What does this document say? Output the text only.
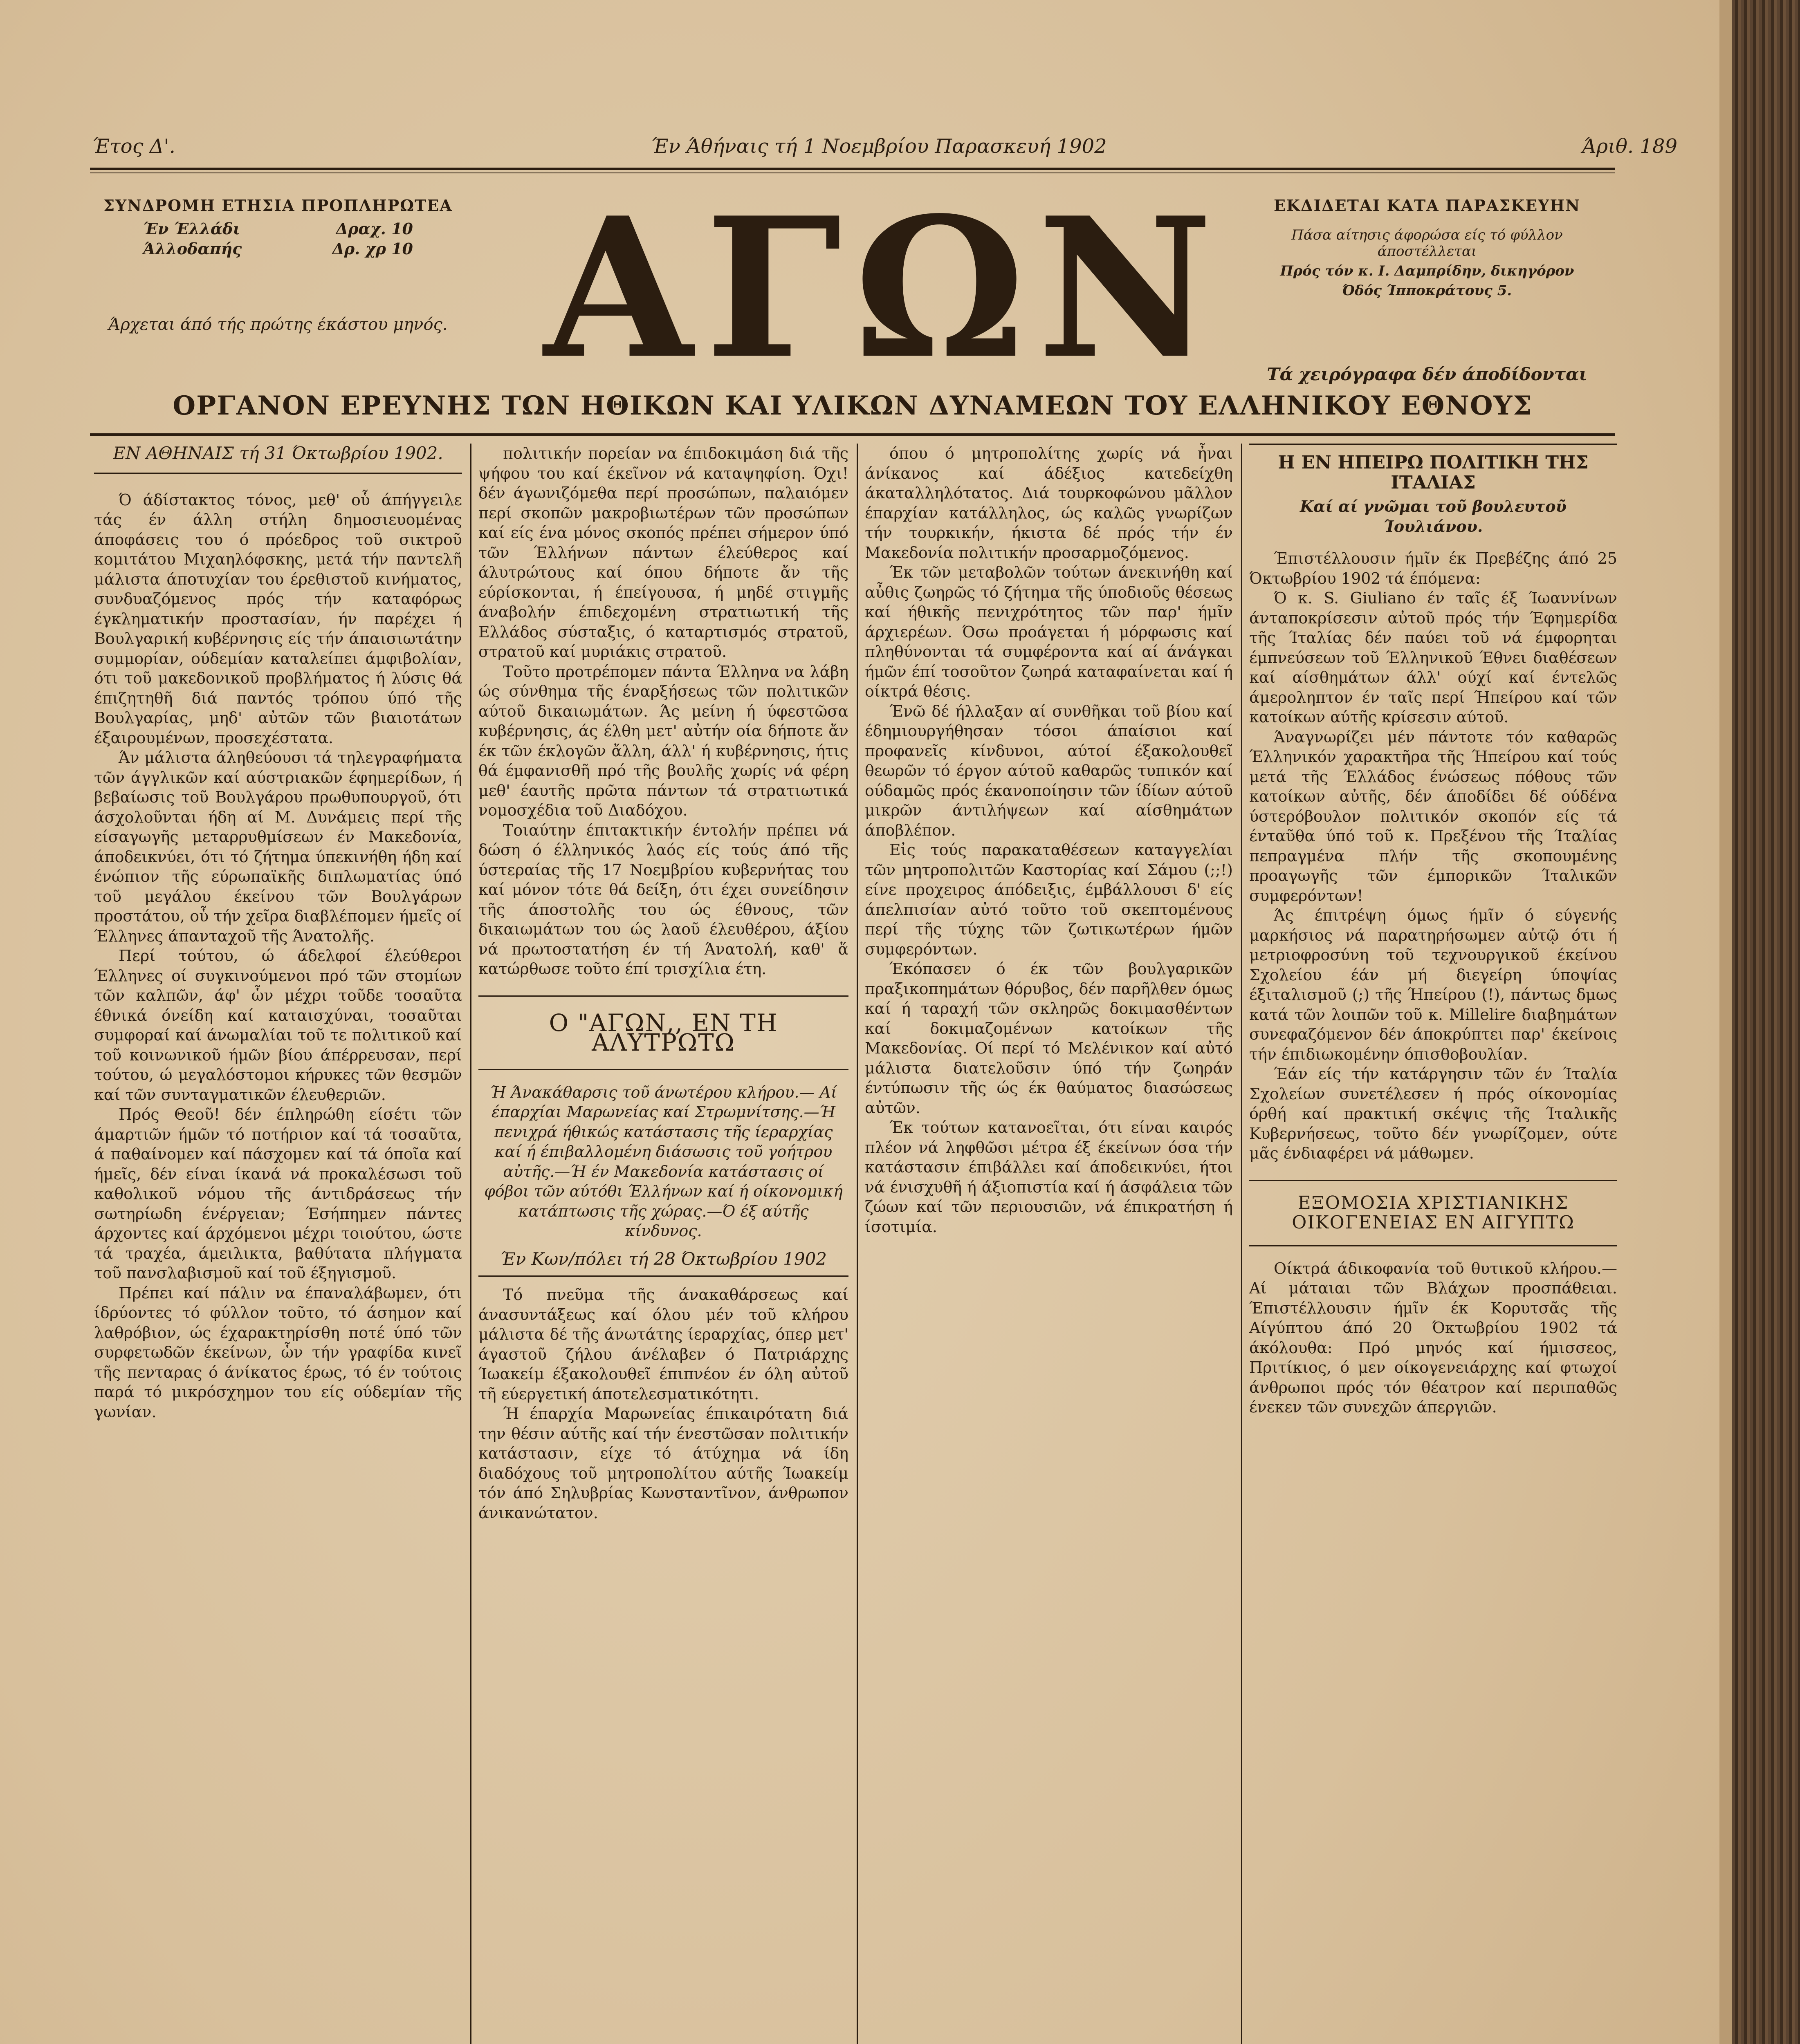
Έτος Δ'.	Έν Άθήναις τή 1 Νοεμβρίου Παρασκευή 1902	Άριθ. 189
ΣΥΝΔΡΟΜΗ ΕΤΗΣΙΑ ΠΡΟΠΛΗΡΩΤΕΑ
Έν Έλλάδι	Δραχ. 10
Άλλοδαπής	Δρ. χρ 10
Άρχεται άπό τής πρώτης έκάστου μηνός. ΑΓΩΝ	ΕΚΔΙΔΕΤΑΙ ΚΑΤΑ ΠΑΡΑΣΚΕΥΗΝ
Πάσα αίτησις άφορώσα είς τό φύλλον άποστέλλεται
Πρός τόν κ. Ι. Δαμπρίδην, δικηγόρον
Όδός Ίπποκράτους 5.
Τά χειρόγραφα δέν άποδίδονται
ΟΡΓΑΝΟΝ ΕΡΕΥΝΗΣ ΤΩΝ ΗΘΙΚΩΝ ΚΑΙ ΥΛΙΚΩΝ ΔΥΝΑΜΕΩΝ ΤΟΥ ΕΛΛΗΝΙΚΟΥ ΕΘΝΟΥΣ
ΕΝ ΑΘΗΝΑΙΣ τή 31 Όκτωβρίου 1902.

Ό άδίστακτος τόνος, μεθ' οὗ άπήγγειλε τάς έν άλλη στήλη δημοσιευομένας άποφάσεις του ό πρόεδρος τοῦ σικτροῦ κομιτάτου Μιχαηλόφσκης, μετά τήν παντελῆ μάλιστα άποτυχίαν του έρεθιστοῦ κινήματος, συνδυαζόμενος πρός τήν καταφόρως έγκληματικήν προστασίαν, ήν παρέχει ή Βουλγαρική κυβέρνησις είς τήν άπαισιωτάτην συμμορίαν, ούδεμίαν καταλείπει άμφιβολίαν, ότι τοῦ μακεδονικοῦ προβλήματος ή λύσις θά έπιζητηθῆ διά παντός τρόπου ύπό τῆς Βουλγαρίας, μηδ' αὐτῶν τῶν βιαιοτάτων έξαιρουμένων, προσεχέστατα.

Άν μάλιστα άληθεύουσι τά τηλεγραφήματα τῶν άγγλικῶν καί αύστριακῶν έφημερίδων, ή βεβαίωσις τοῦ Βουλγάρου πρωθυπουργοῦ, ότι άσχολοῦνται ήδη αί Μ. Δυνάμεις περί τῆς είσαγωγῆς μεταρρυθμίσεων έν Μακεδονία, άποδεικνύει, ότι τό ζήτημα ύπεκινήθη ήδη καί ένώπιον τῆς εύρωπαϊκῆς διπλωματίας ύπό τοῦ μεγάλου έκείνου τῶν Βουλγάρων προστάτου, οὗ τήν χεῖρα διαβλέπομεν ήμεῖς οί Έλληνες άπανταχοῦ τῆς Άνατολῆς.

Περί τούτου, ώ άδελφοί έλεύθεροι Έλληνες οί συγκινούμενοι πρό τῶν στομίων τῶν καλπῶν, άφ' ὧν μέχρι τοῦδε τοσαῦτα έθνικά όνείδη καί καταισχύναι, τοσαῦται συμφοραί καί άνωμαλίαι τοῦ τε πολιτικοῦ καί τοῦ κοινωνικοῦ ήμῶν βίου άπέρρευσαν, περί τούτου, ώ μεγαλόστομοι κήρυκες τῶν θεσμῶν καί τῶν συνταγματικῶν έλευθεριῶν.

Πρός Θεοῦ! δέν έπληρώθη είσέτι τῶν άμαρτιῶν ήμῶν τό ποτήριον καί τά τοσαῦτα, ά παθαίνομεν καί πάσχομεν καί τά όποῖα καί ήμεῖς, δέν είναι ίκανά νά προκαλέσωσι τοῦ καθολικοῦ νόμου τῆς άντιδράσεως τήν σωτηρίωδη ένέργειαν; Έσήπημεν πάντες άρχοντες καί άρχόμενοι μέχρι τοιούτου, ώστε τά τραχέα, άμειλικτα, βαθύτατα πλήγματα τοῦ πανσλαβισμοῦ καί τοῦ έξηγισμοῦ.

Πρέπει καί πάλιν να έπαναλάβωμεν, ότι ίδρύοντες τό φύλλον τοῦτο, τό άσημον καί λαθρόβιον, ώς έχαρακτηρίσθη ποτέ ύπό τῶν συρφετωδῶν έκείνων, ὧν τήν γραφίδα κινεῖ τῆς πενταρας ό άνίκατος έρως, τό έν τούτοις παρά τό μικρόσχημον του είς ούδεμίαν τῆς γωνίαν.

πολιτικήν πορείαν να έπιδοκιμάση διά τῆς ψήφου του καί έκεῖνον νά καταψηφίση. Όχι! δέν άγωνιζόμεθα περί προσώπων, παλαιόμεν περί σκοπῶν μακροβιωτέρων τῶν προσώπων καί είς ένα μόνος σκοπός πρέπει σήμερον ύπό τῶν Έλλήνων πάντων έλεύθερος καί άλυτρώτους καί όπου δήποτε ἄν τῆς εύρίσκονται, ή έπείγουσα, ή μηδέ στιγμῆς άναβολήν έπιδεχομένη στρατιωτική τῆς Ελλάδος σύσταξις, ό καταρτισμός στρατοῦ, στρατοῦ καί μυριάκις στρατοῦ.

Τοῦτο προτρέπομεν πάντα Έλληνα να λάβη ώς σύνθημα τῆς έναρξήσεως τῶν πολιτικῶν αύτοῦ δικαιωμάτων. Άς μείνη ή ύφεστῶσα κυβέρνησις, άς έλθη μετ' αὐτήν οία δήποτε ἄν έκ τῶν έκλογῶν ἄλλη, άλλ' ή κυβέρνησις, ήτις θά έμφανισθῆ πρό τῆς βουλῆς χωρίς νά φέρη μεθ' έαυτῆς πρῶτα πάντων τά στρατιωτικά νομοσχέδια τοῦ Διαδόχου.

Τοιαύτην έπιτακτικήν έντολήν πρέπει νά δώση ό έλληνικός λαός είς τούς άπό τῆς ύστεραίας τῆς 17 Νοεμβρίου κυβερνήτας του καί μόνον τότε θά δείξη, ότι έχει συνείδησιν τῆς άποστολῆς του ώς έθνους, τῶν δικαιωμάτων του ώς λαοῦ έλευθέρου, άξίου νά πρωτοστατήση έν τή Άνατολή, καθ' ἅ κατώρθωσε τοῦτο έπί τρισχίλια έτη.

Ο "ΑΓΩΝ,, ΕΝ ΤΗ ΑΛΥΤΡΩΤΩ

Ή Άνακάθαρσις τοῦ άνωτέρου κλήρου.— Αί έπαρχίαι Μαρωνείας καί Στρωμνίτσης.—Ή πενιχρά ήθικώς κατάστασις τῆς ίεραρχίας καί ή έπιβαλλομένη διάσωσις τοῦ γοήτρου αὐτῆς.—Ή έν Μακεδονία κατάστασις οί φόβοι τῶν αύτόθι Έλλήνων καί ή οίκονομική κατάπτωσις τῆς χώρας.—Ό έξ αύτῆς κίνδυνος.

Έν Κων/πόλει τή 28 Όκτωβρίου 1902

Τό πνεῦμα τῆς άνακαθάρσεως καί άνασυντάξεως καί όλου μέν τοῦ κλήρου μάλιστα δέ τῆς άνωτάτης ίεραρχίας, όπερ μετ' άγαστοῦ ζήλου άνέλαβεν ό Πατριάρχης Ίωακείμ έξακολουθεῖ έπιπνέον έν όλη αὐτοῦ τῆ εύεργετική άποτελεσματικότητι.

Ή έπαρχία Μαρωνείας έπικαιρότατη διά την θέσιν αύτῆς καί τήν ένεστῶσαν πολιτικήν κατάστασιν, είχε τό άτύχημα νά ίδη διαδόχους τοῦ μητροπολίτου αύτῆς Ίωακείμ τόν άπό Σηλυβρίας Κωνσταντῖνον, άνθρωπον άνικανώτατον.

όπου ό μητροπολίτης χωρίς νά ἦναι άνίκανος καί άδέξιος κατεδείχθη άκαταλληλότατος. Διά τουρκοφώνου μᾶλλον έπαρχίαν κατάλληλος, ώς καλῶς γνωρίζων τήν τουρκικήν, ήκιστα δέ πρός τήν έν Μακεδονία πολιτικήν προσαρμοζόμενος.

Έκ τῶν μεταβολῶν τούτων άνεκινήθη καί αὖθις ζωηρῶς τό ζήτημα τῆς ύποδιοῦς θέσεως καί ήθικῆς πενιχρότητος τῶν παρ' ήμῖν άρχιερέων. Όσω προάγεται ή μόρφωσις καί πληθύνονται τά συμφέροντα καί αί άνάγκαι ήμῶν έπί τοσοῦτον ζωηρά καταφαίνεται καί ή οίκτρά θέσις.

Ένῶ δέ ήλλαξαν αί συνθῆκαι τοῦ βίου καί έδημιουργήθησαν τόσοι άπαίσιοι καί προφανεῖς κίνδυνοι, αύτοί έξακολουθεῖ θεωρῶν τό έργον αύτοῦ καθαρῶς τυπικόν καί ούδαμῶς πρός έκανοποίησιν τῶν ίδίων αύτοῦ μικρῶν άντιλήψεων καί αίσθημάτων άποβλέπον.

Εἰς τούς παρακαταθέσεων καταγγελίαι τῶν μητροπολιτῶν Καστορίας καί Σάμου (;;!) είνε προχειρος άπόδειξις, έμβάλλουσι δ' είς άπελπισίαν αὐτό τοῦτο τοῦ σκεπτομένους περί τῆς τύχης τῶν ζωτικωτέρων ήμῶν συμφερόντων.

Έκόπασεν ό έκ τῶν βουλγαρικῶν πραξικοπημάτων θόρυβος, δέν παρῆλθεν όμως καί ή ταραχή τῶν σκληρῶς δοκιμασθέντων καί δοκιμαζομένων κατοίκων τῆς Μακεδονίας. Οί περί τό Μελένικον καί αὐτό μάλιστα διατελοῦσιν ύπό τήν ζωηράν έντύπωσιν τῆς ώς έκ θαύματος διασώσεως αὐτῶν.

Έκ τούτων κατανοεῖται, ότι είναι καιρός πλέον νά ληφθῶσι μέτρα έξ έκείνων όσα τήν κατάστασιν έπιβάλλει καί άποδεικνύει, ήτοι νά ένισχυθῆ ή άξιοπιστία καί ή άσφάλεια τῶν ζώων καί τῶν περιουσιῶν, νά έπικρατήση ή ίσοτιμία.

Η ΕΝ ΗΠΕΙΡΩ ΠΟΛΙΤΙΚΗ ΤΗΣ ΙΤΑΛΙΑΣ
Καί αί γνῶμαι τοῦ βουλευτοῦ Ίουλιάνου.

Έπιστέλλουσιν ήμῖν έκ Πρεβέζης άπό 25 Όκτωβρίου 1902 τά έπόμενα:

Ό κ. S. Giuliano έν ταῖς έξ Ίωαννίνων άνταποκρίσεσιν αὐτοῦ πρός τήν Έφημερίδα τῆς Ίταλίας δέν παύει τοῦ νά έμφορηται έμπνεύσεων τοῦ Έλληνικοῦ Έθνει διαθέσεων καί αίσθημάτων άλλ' ούχί καί έντελῶς άμεροληπτον έν ταῖς περί Ήπείρου καί τῶν κατοίκων αύτῆς κρίσεσιν αύτοῦ.

Άναγνωρίζει μέν πάντοτε τόν καθαρῶς Έλληνικόν χαρακτῆρα τῆς Ήπείρου καί τούς μετά τῆς Έλλάδος ένώσεως πόθους τῶν κατοίκων αὐτῆς, δέν άποδίδει δέ ούδένα ύστερόβουλον πολιτικόν σκοπόν είς τά ένταῦθα ύπό τοῦ κ. Πρεξένου τῆς Ίταλίας πεπραγμένα πλήν τῆς σκοπουμένης προαγωγῆς τῶν έμπορικῶν Ίταλικῶν συμφερόντων!

Άς έπιτρέψη όμως ήμῖν ό εύγενής μαρκήσιος νά παρατηρήσωμεν αὐτῷ ότι ή μετριοφροσύνη τοῦ τεχνουργικοῦ έκείνου Σχολείου έάν μή διεγείρη ύποψίας έξιταλισμοῦ (;) τῆς Ήπείρου (!), πάντως δμως κατά τῶν λοιπῶν τοῦ κ. Millelire διαβημάτων συνεφαζόμενον δέν άποκρύπτει παρ' έκείνοις τήν έπιδιωκομένην όπισθοβουλίαν.

Έάν είς τήν κατάργησιν τῶν έν Ίταλία Σχολείων συνετέλεσεν ή πρός οίκονομίας όρθή καί πρακτική σκέψις τῆς Ίταλικῆς Κυβερνήσεως, τοῦτο δέν γνωρίζομεν, ούτε μᾶς ένδιαφέρει νά μάθωμεν.

ΕΞΟΜΟΣΙΑ ΧΡΙΣΤΙΑΝΙΚΗΣ ΟΙΚΟΓΕΝΕΙΑΣ ΕΝ ΑΙΓΥΠΤΩ

Οίκτρά άδικοφανία τοῦ θυτικοῦ κλήρου.— Αί μάταιαι τῶν Βλάχων προσπάθειαι. Έπιστέλλουσιν ήμῖν έκ Κορυτσᾶς τῆς Αίγύπτου άπό 20 Όκτωβρίου 1902 τά άκόλουθα: Πρό μηνός καί ήμισσεος, Πριτίκιος, ό μεν οίκογενειάρχης καί φτωχοί άνθρωποι πρός τόν θέατρον καί περιπαθῶς ένεκεν τῶν συνεχῶν άπεργιῶν.
